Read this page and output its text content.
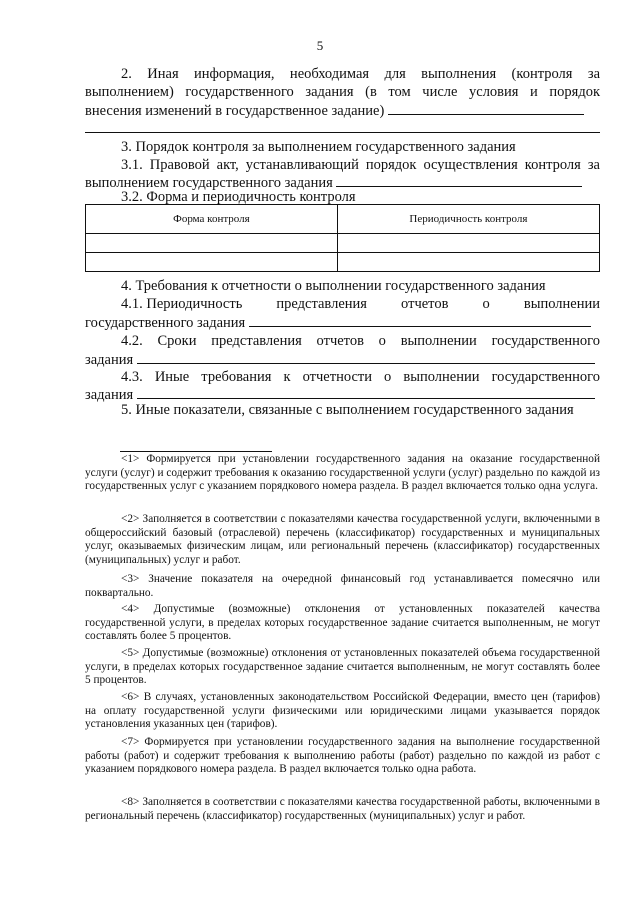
5
2. Иная информация, необходимая для выполнения (контроля за
выполнением) государственного задания (в том числе условия и порядок
внесения изменений в государственное задание)
3. Порядок контроля за выполнением государственного задания
3.1. Правовой акт, устанавливающий порядок осуществления контроля за
выполнением государственного задания
3.2. Форма и периодичность контроля
Форма контроля	Периодичность контроля

4. Требования к отчетности о выполнении государственного задания
4.1. Периодичность представления отчетов о выполнении
государственного задания
4.2. Сроки представления отчетов о выполнении государственного
задания
4.3. Иные требования к отчетности о выполнении государственного
задания
5. Иные показатели, связанные с выполнением государственного задания
<1> Формируется при установлении государственного задания на оказание государственной услуги (услуг) и содержит требования к оказанию государственной услуги (услуг) раздельно по каждой из государственных услуг с указанием порядкового номера раздела. В раздел включается только одна услуга.
<2> Заполняется в соответствии с показателями качества государственной услуги, включенными в общероссийский базовый (отраслевой) перечень (классификатор) государственных и муниципальных услуг, оказываемых физическим лицам, или региональный перечень (классификатор) государственных (муниципальных) услуг и работ.
<3> Значение показателя на очередной финансовый год устанавливается помесячно или поквартально.
<4> Допустимые (возможные) отклонения от установленных показателей качества государственной услуги, в пределах которых государственное задание считается выполненным, не могут составлять более 5 процентов.
<5> Допустимые (возможные) отклонения от установленных показателей объема государственной услуги, в пределах которых государственное задание считается выполненным, не могут составлять более 5 процентов.
<6> В случаях, установленных законодательством Российской Федерации, вместо цен (тарифов) на оплату государственной услуги физическими или юридическими лицами указывается порядок установления указанных цен (тарифов).
<7> Формируется при установлении государственного задания на выполнение государственной работы (работ) и содержит требования к выполнению работы (работ) раздельно по каждой из работ с указанием порядкового номера раздела. В раздел включается только одна работа.
<8> Заполняется в соответствии с показателями качества государственной работы, включенными в региональный перечень (классификатор) государственных (муниципальных) услуг и работ.
